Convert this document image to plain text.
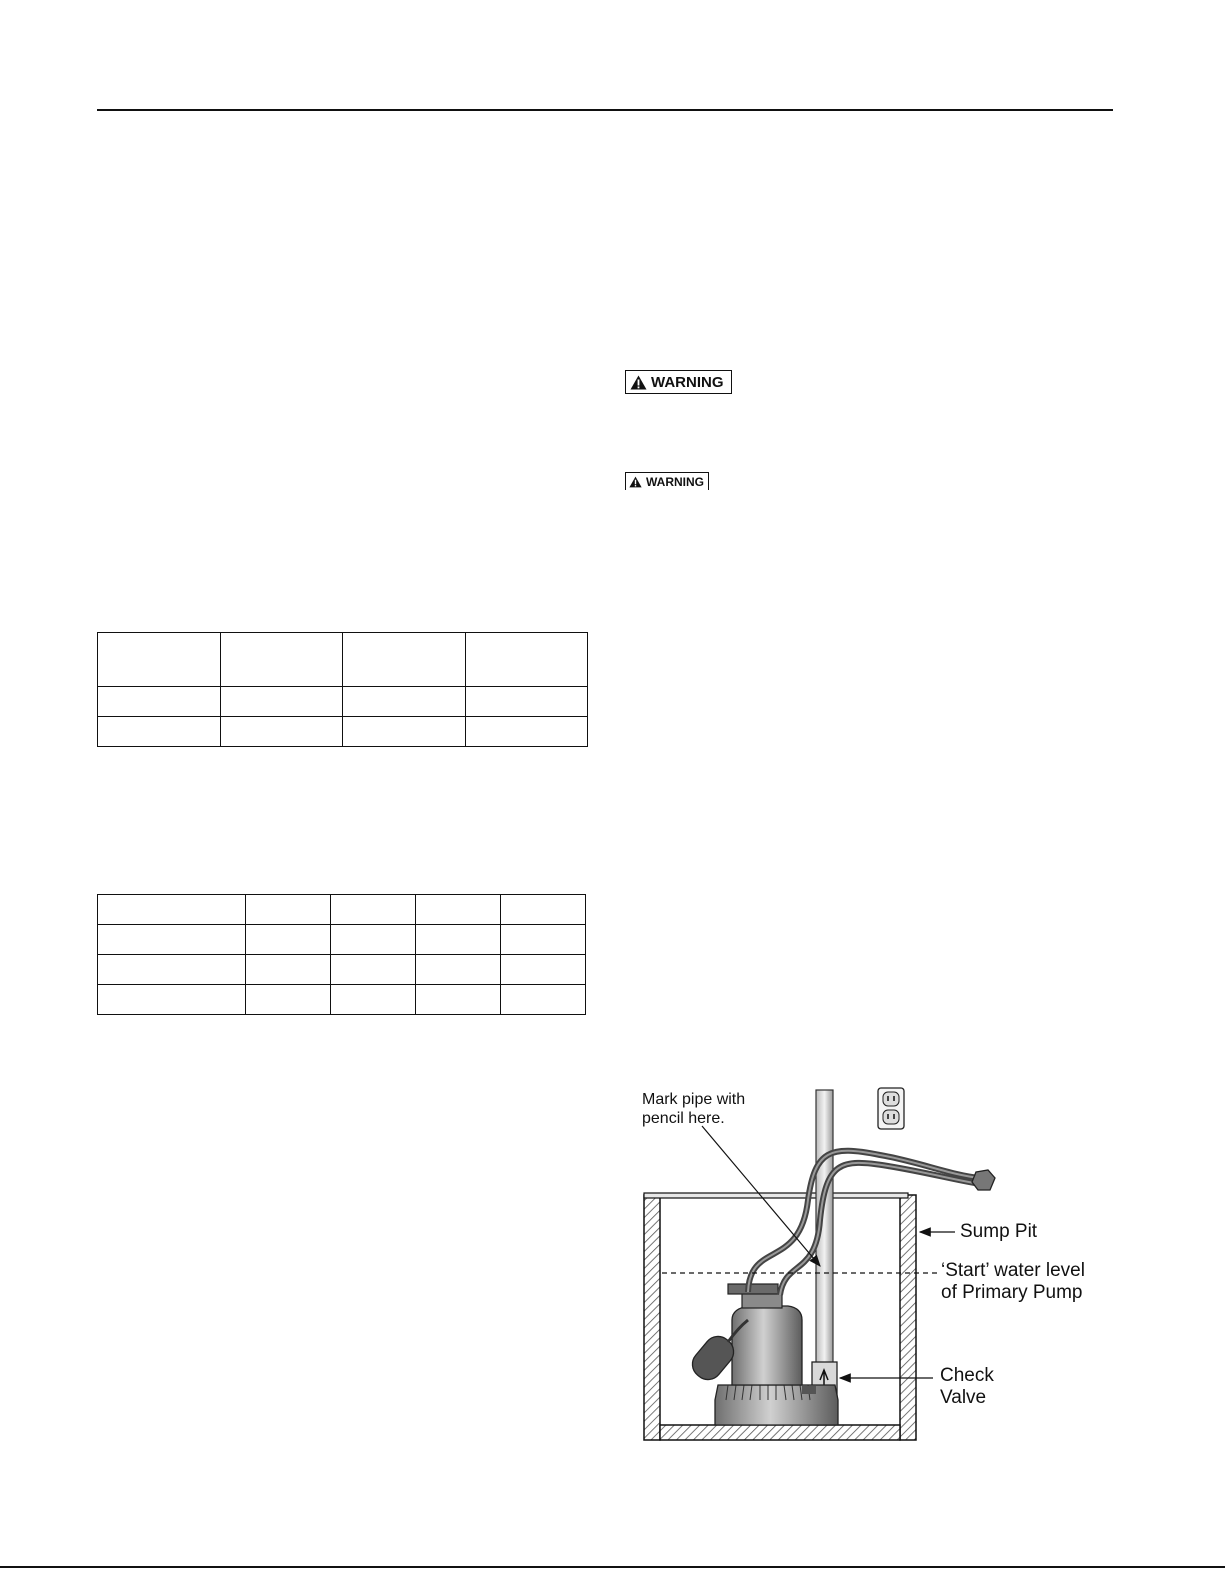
WARNING
WARNING

Mark pipe with
pencil here.
Sump Pit
‘Start’ water level
of Primary Pump
Check
Valve
